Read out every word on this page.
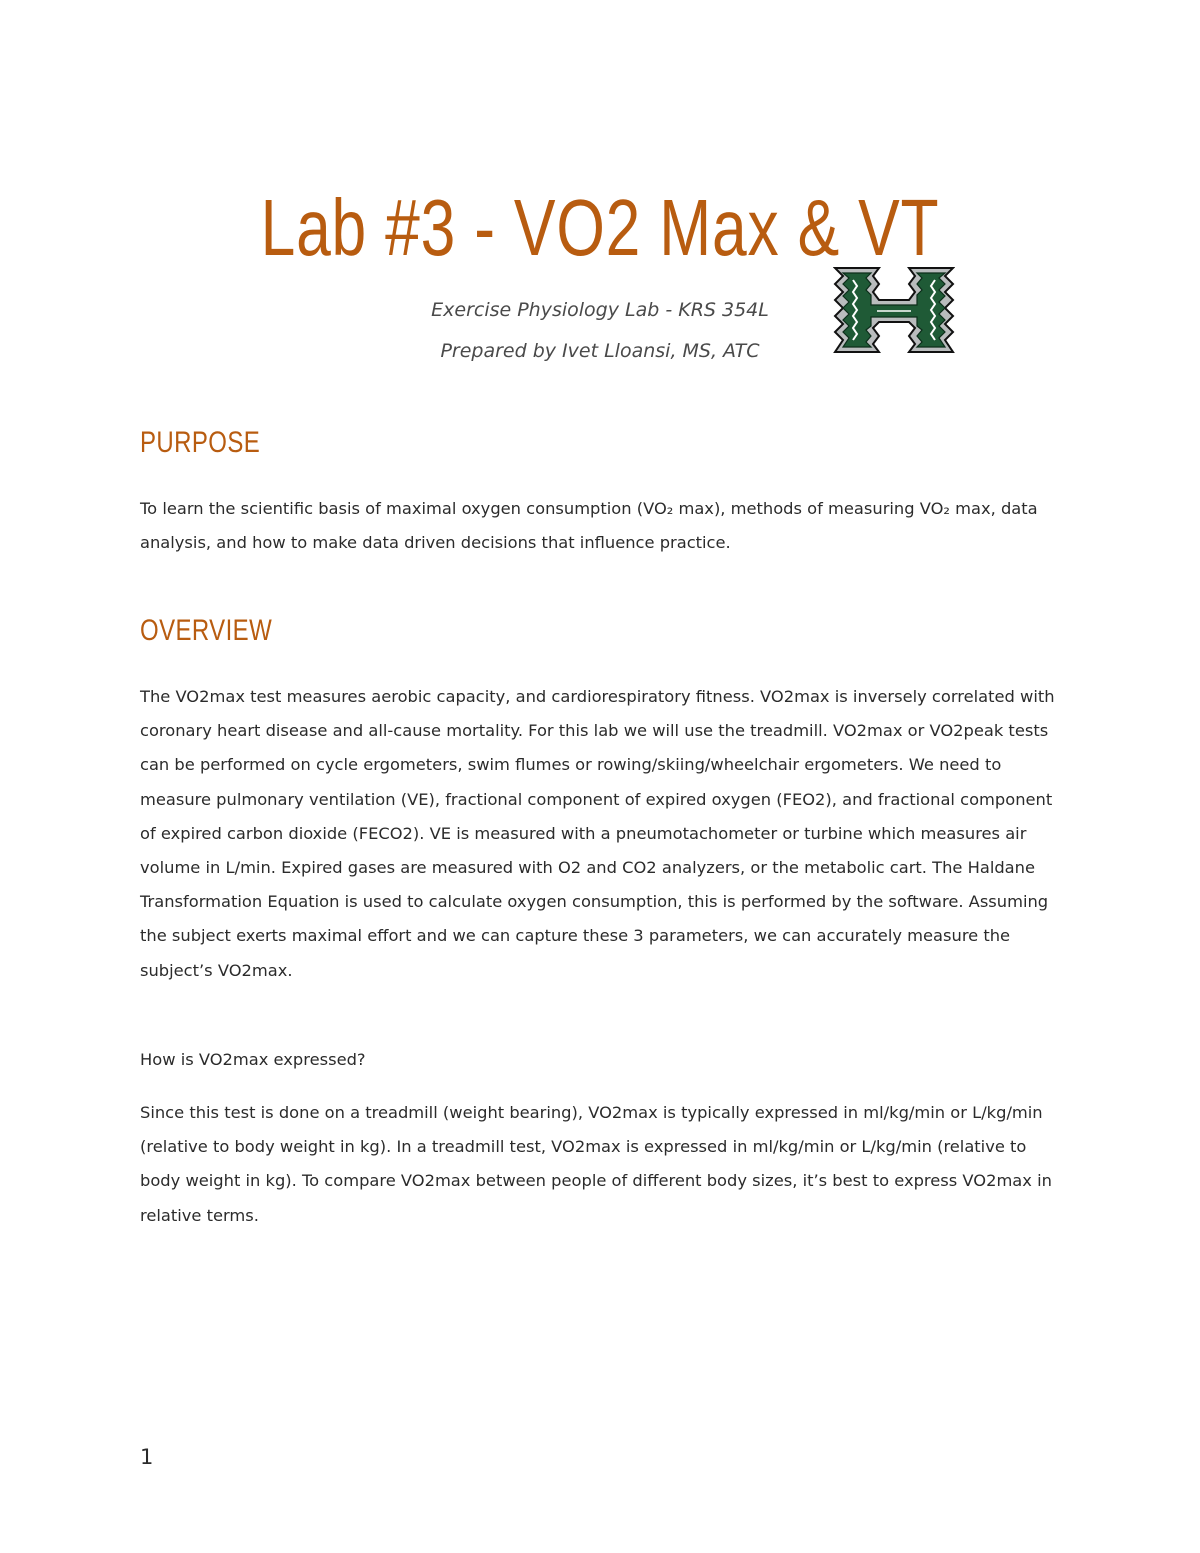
Lab #3 - VO2 Max & VT
Exercise Physiology Lab - KRS 354L
Prepared by Ivet Lloansi, MS, ATC
PURPOSE
To learn the scientific basis of maximal oxygen consumption (VO₂ max), methods of measuring VO₂ max, data analysis, and how to make data driven decisions that influence practice.
OVERVIEW
The VO2max test measures aerobic capacity, and cardiorespiratory fitness. VO2max is inversely correlated with coronary heart disease and all-cause mortality. For this lab we will use the treadmill. VO2max or VO2peak tests can be performed on cycle ergometers, swim flumes or rowing/skiing/wheelchair ergometers. We need to measure pulmonary ventilation (VE), fractional component of expired oxygen (FEO2), and fractional component of expired carbon dioxide (FECO2). VE is measured with a pneumotachometer or turbine which measures air volume in L/min. Expired gases are measured with O2 and CO2 analyzers, or the metabolic cart. The Haldane Transformation Equation is used to calculate oxygen consumption, this is performed by the software. Assuming the subject exerts maximal effort and we can capture these 3 parameters, we can accurately measure the subject’s VO2max.
How is VO2max expressed?
Since this test is done on a treadmill (weight bearing), VO2max is typically expressed in ml/kg/min or L/kg/min (relative to body weight in kg). In a treadmill test, VO2max is expressed in ml/kg/min or L/kg/min (relative to body weight in kg). To compare VO2max between people of different body sizes, it’s best to express VO2max in relative terms.
1
